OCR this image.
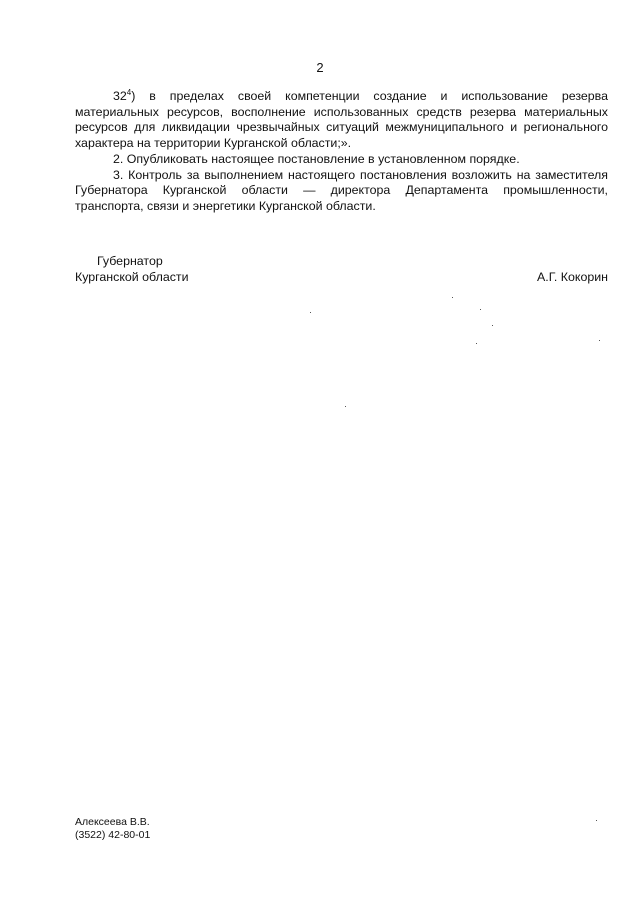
2

$32^4$) в пределах своей компетенции создание и использование резерва материальных ресурсов, восполнение использованных средств резерва материальных ресурсов для ликвидации чрезвычайных ситуаций межмуниципального и регионального характера на территории Курганской области;».

2. Опубликовать настоящее постановление в установленном порядке.

3. Контроль за выполнением настоящего постановления возложить на заместителя Губернатора Курганской области — директора Департамента промышленности, транспорта, связи и энергетики Курганской области.

Губернатор
Курганской области	А.Г. Кокорин
Алексеева В.В.
(3522) 42-80-01
